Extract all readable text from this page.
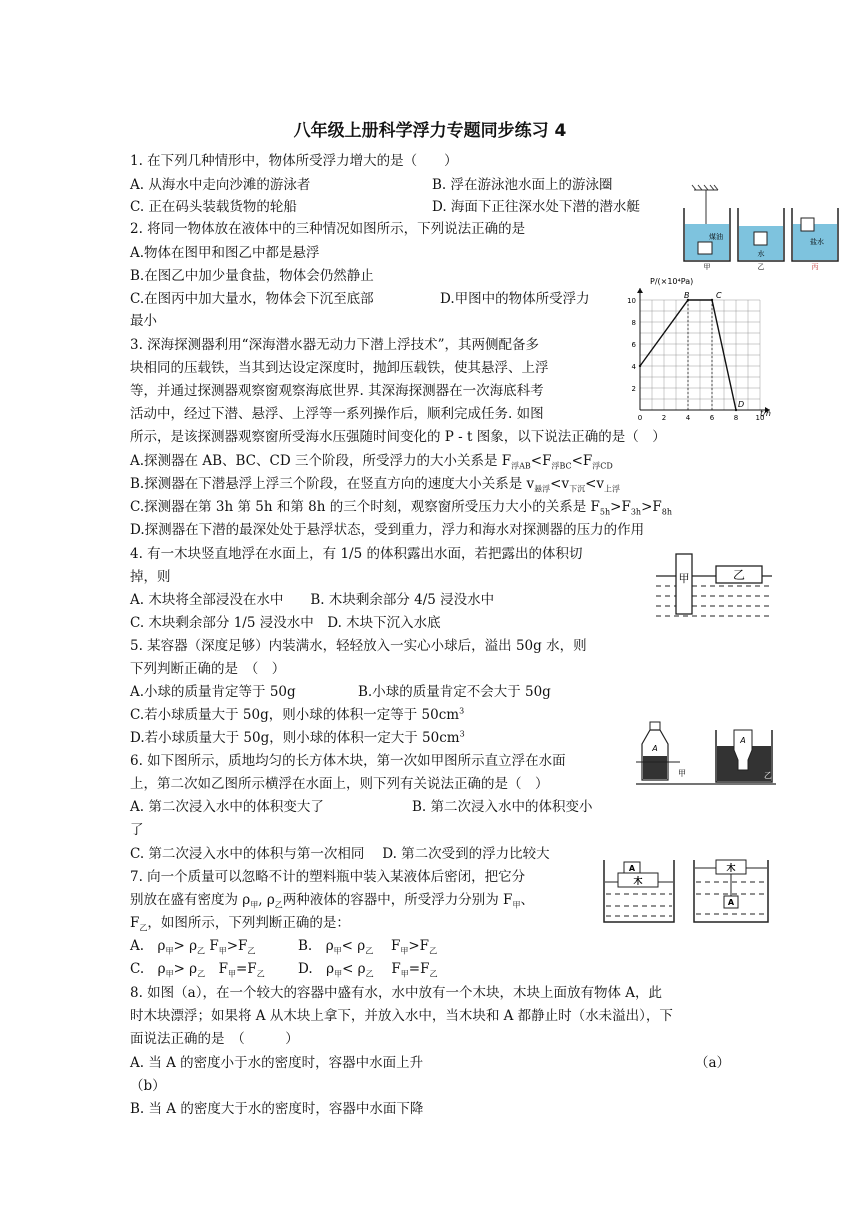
八年级上册科学浮力专题同步练习 4
1. 在下列几种情形中，物体所受浮力增大的是（　　）
A. 从海水中走向沙滩的游泳者	B. 浮在游泳池水面上的游泳圈
C. 正在码头装载货物的轮船	D. 海面下正往深水处下潜的潜水艇
2. 将同一物体放在液体中的三种情况如图所示，下列说法正确的是
A.物体在图甲和图乙中都是悬浮
B.在图乙中加少量食盐，物体会仍然静止
C.在图丙中加大量水，物体会下沉至底部	D.甲图中的物体所受浮力
最小
3. 深海探测器利用“深海潜水器无动力下潜上浮技术”，其两侧配备多
块相同的压载铁，当其到达设定深度时，抛卸压载铁，使其悬浮、上浮
等，并通过探测器观察窗观察海底世界. 其深海探测器在一次海底科考
活动中，经过下潜、悬浮、上浮等一系列操作后，顺利完成任务. 如图
所示，是该探测器观察窗所受海水压强随时间变化的 P - t 图象，以下说法正确的是（　）
A.探测器在 AB、BC、CD 三个阶段，所受浮力的大小关系是 $F_{浮AB}<F_{浮BC}<F_{浮CD}$
B.探测器在下潜悬浮上浮三个阶段，在竖直方向的速度大小关系是 $v_{悬浮}<v_{下沉}<v_{上浮}$
C.探测器在第 3h 第 5h 和第 8h 的三个时刻，观察窗所受压力大小的关系是 $F_{5h}>F_{3h}>F_{8h}$
D.探测器在下潜的最深处处于悬浮状态，受到重力，浮力和海水对探测器的压力的作用
4. 有一木块竖直地浮在水面上，有 1/5 的体积露出水面，若把露出的体积切
掉，则
A. 木块将全部浸没在水中　　B. 木块剩余部分 4/5 浸没水中
C. 木块剩余部分 1/5 浸没水中　D. 木块下沉入水底
5. 某容器（深度足够）内装满水，轻轻放入一实心小球后，溢出 50g 水，则
下列判断正确的是　（　）
A.小球的质量肯定等于 50g	B.小球的质量肯定不会大于 50g
C.若小球质量大于 50g，则小球的体积一定等于 $50cm^3$
D.若小球质量大于 50g，则小球的体积一定大于 $50cm^3$
6. 如下图所示，质地均匀的长方体木块，第一次如甲图所示直立浮在水面
上，第二次如乙图所示横浮在水面上，则下列有关说法正确的是（　）
A. 第二次浸入水中的体积变大了	B. 第二次浸入水中的体积变小
了
C. 第二次浸入水中的体积与第一次相同　 D. 第二次受到的浮力比较大
7. 向一个质量可以忽略不计的塑料瓶中装入某液体后密闭，把它分
别放在盛有密度为 $\rho_甲$, $\rho_乙$两种液体的容器中，所受浮力分别为 $F_甲$、
$F_乙$，如图所示，下列判断正确的是：
A.　$\rho_甲> \rho_乙$ $F_甲>F_乙$	B.　$\rho_甲< \rho_乙$　 $F_甲>F_乙$
C.　$\rho_甲> \rho_乙$　$F_甲=F_乙$ D.　$\rho_甲< \rho_乙$　 $F_甲=F_乙$
8. 如图（a），在一个较大的容器中盛有水，水中放有一个木块，木块上面放有物体 A，此
时木块漂浮；如果将 A 从木块上拿下，并放入水中，当木块和 A 都静止时（水未溢出），下
面说法正确的是　（　　　）
A. 当 A 的密度小于水的密度时，容器中水面上升	（a）
（b）
B. 当 A 的密度大于水的密度时，容器中水面下降
煤油
甲
水
乙
盐水
丙
10
8
6
4
2
0	2	4	6	8 10
P/(×10⁴Pa)
t/h
B	C
D
甲	乙
A
甲
A
乙
A
木
木
A
